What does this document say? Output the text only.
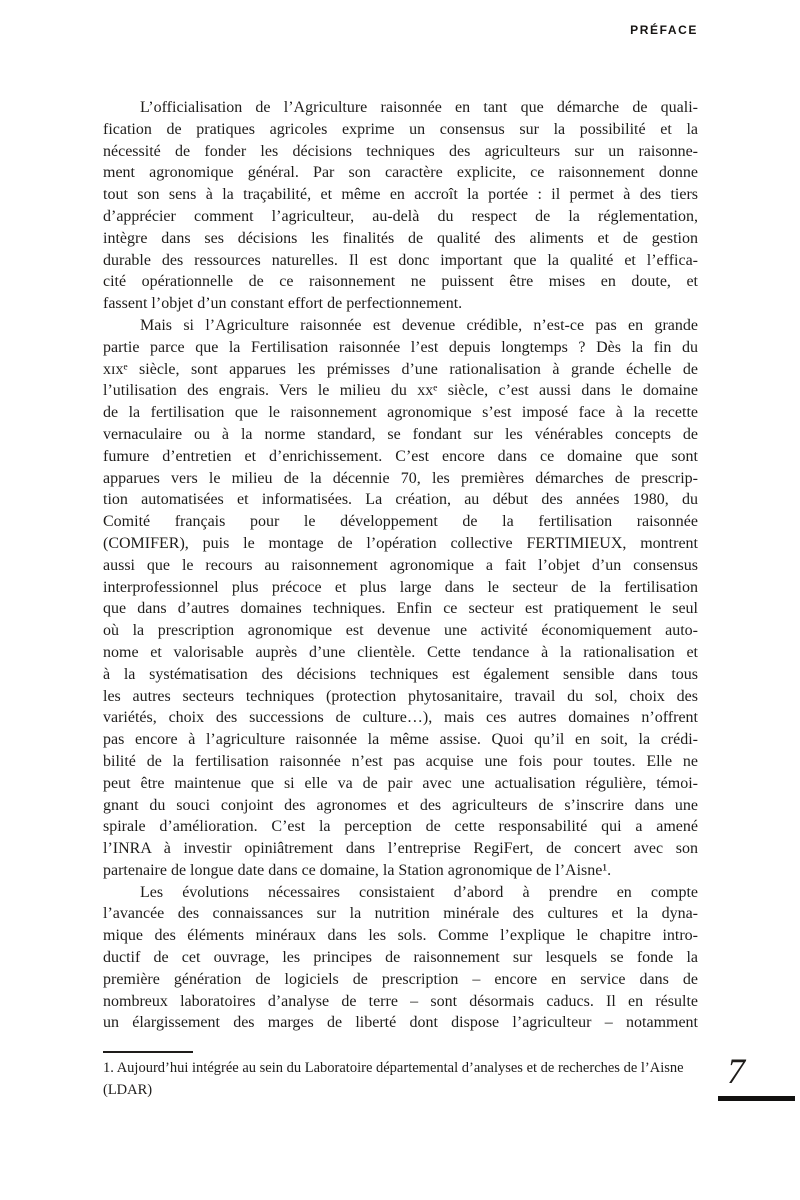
PRÉFACE
L’officialisation de l’Agriculture raisonnée en tant que démarche de quali-
fication de pratiques agricoles exprime un consensus sur la possibilité et la
nécessité de fonder les décisions techniques des agriculteurs sur un raisonne-
ment agronomique général. Par son caractère explicite, ce raisonnement donne
tout son sens à la traçabilité, et même en accroît la portée : il permet à des tiers
d’apprécier comment l’agriculteur, au-delà du respect de la réglementation,
intègre dans ses décisions les finalités de qualité des aliments et de gestion
durable des ressources naturelles. Il est donc important que la qualité et l’effica-
cité opérationnelle de ce raisonnement ne puissent être mises en doute, et
fassent l’objet d’un constant effort de perfectionnement.
Mais si l’Agriculture raisonnée est devenue crédible, n’est-ce pas en grande
partie parce que la Fertilisation raisonnée l’est depuis longtemps ? Dès la fin du
xɪxᵉ siècle, sont apparues les prémisses d’une rationalisation à grande échelle de
l’utilisation des engrais. Vers le milieu du xxᵉ siècle, c’est aussi dans le domaine
de la fertilisation que le raisonnement agronomique s’est imposé face à la recette
vernaculaire ou à la norme standard, se fondant sur les vénérables concepts de
fumure d’entretien et d’enrichissement. C’est encore dans ce domaine que sont
apparues vers le milieu de la décennie 70, les premières démarches de prescrip-
tion automatisées et informatisées. La création, au début des années 1980, du
Comité français pour le développement de la fertilisation raisonnée
(COMIFER), puis le montage de l’opération collective FERTIMIEUX, montrent
aussi que le recours au raisonnement agronomique a fait l’objet d’un consensus
interprofessionnel plus précoce et plus large dans le secteur de la fertilisation
que dans d’autres domaines techniques. Enfin ce secteur est pratiquement le seul
où la prescription agronomique est devenue une activité économiquement auto-
nome et valorisable auprès d’une clientèle. Cette tendance à la rationalisation et
à la systématisation des décisions techniques est également sensible dans tous
les autres secteurs techniques (protection phytosanitaire, travail du sol, choix des
variétés, choix des successions de culture…), mais ces autres domaines n’offrent
pas encore à l’agriculture raisonnée la même assise. Quoi qu’il en soit, la crédi-
bilité de la fertilisation raisonnée n’est pas acquise une fois pour toutes. Elle ne
peut être maintenue que si elle va de pair avec une actualisation régulière, témoi-
gnant du souci conjoint des agronomes et des agriculteurs de s’inscrire dans une
spirale d’amélioration. C’est la perception de cette responsabilité qui a amené
l’INRA à investir opiniâtrement dans l’entreprise RegiFert, de concert avec son
partenaire de longue date dans ce domaine, la Station agronomique de l’Aisne¹.
Les évolutions nécessaires consistaient d’abord à prendre en compte
l’avancée des connaissances sur la nutrition minérale des cultures et la dyna-
mique des éléments minéraux dans les sols. Comme l’explique le chapitre intro-
ductif de cet ouvrage, les principes de raisonnement sur lesquels se fonde la
première génération de logiciels de prescription – encore en service dans de
nombreux laboratoires d’analyse de terre – sont désormais caducs. Il en résulte
un élargissement des marges de liberté dont dispose l’agriculteur – notamment
1. Aujourd’hui intégrée au sein du Laboratoire départemental d’analyses et de recherches de l’Aisne
(LDAR)	7
